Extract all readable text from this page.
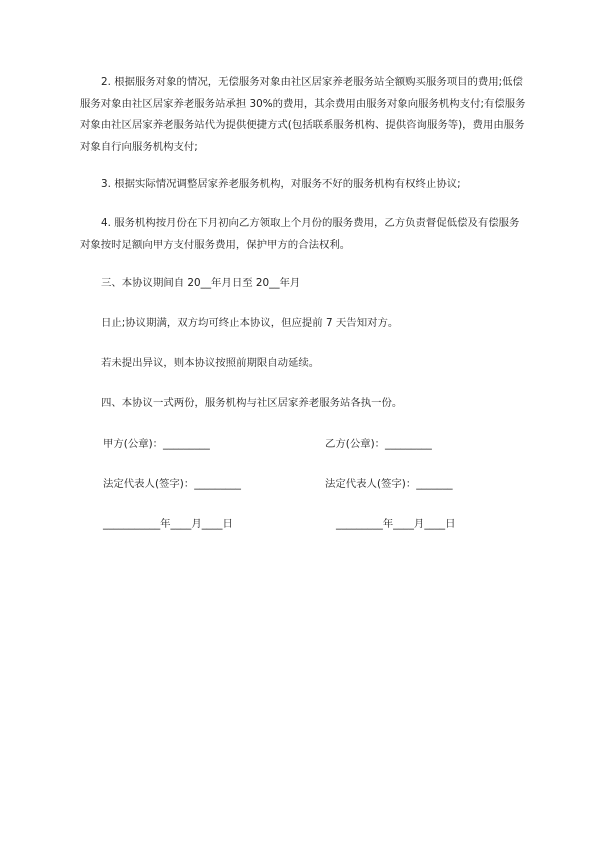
2. 根据服务对象的情况，无偿服务对象由社区居家养老服务站全额购买服务项目的费用;低偿服务对象由社区居家养老服务站承担 30%的费用，其余费用由服务对象向服务机构支付;有偿服务对象由社区居家养老服务站代为提供便捷方式(包括联系服务机构、提供咨询服务等)，费用由服务对象自行向服务机构支付;

3. 根据实际情况调整居家养老服务机构，对服务不好的服务机构有权终止协议;

4. 服务机构按月份在下月初向乙方领取上个月份的服务费用，乙方负责督促低偿及有偿服务对象按时足额向甲方支付服务费用，保护甲方的合法权利。

三、本协议期间自 20__年月日至 20__年月

日止;协议期满，双方均可终止本协议，但应提前 7 天告知对方。

若未提出异议，则本协议按照前期限自动延续。

四、本协议一式两份，服务机构与社区居家养老服务站各执一份。

甲方(公章)：_________	乙方(公章)：_________

法定代表人(签字)：_________	法定代表人(签字)：_______

___________年____月____日	_________年____月____日
